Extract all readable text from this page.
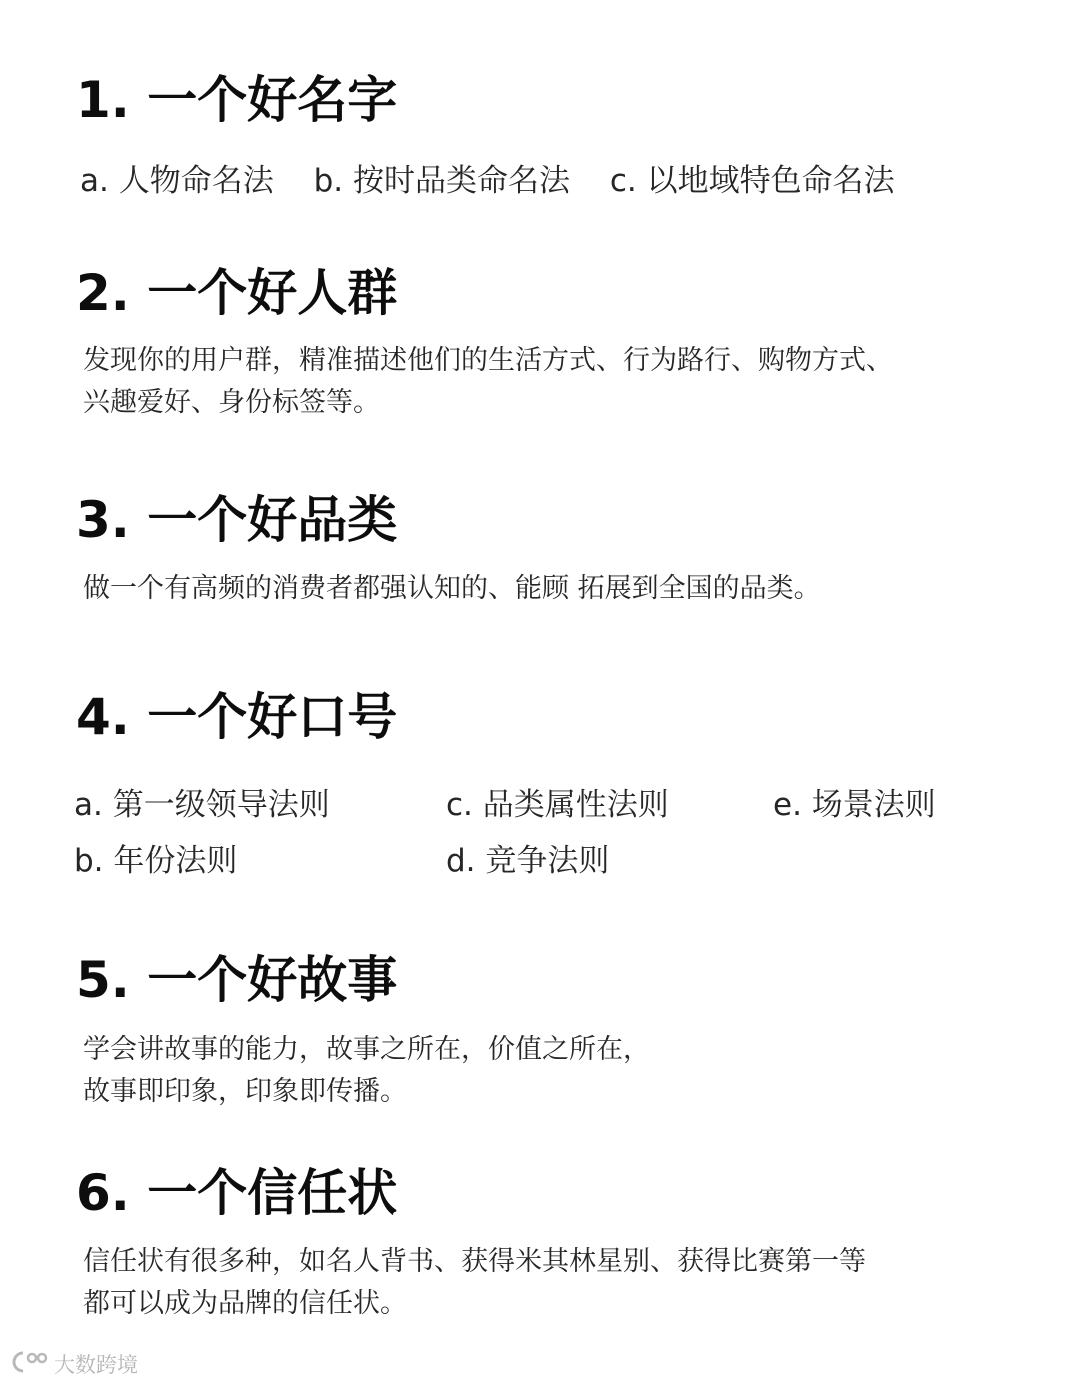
1. 一个好名字
a. 人物命名法 b. 按时品类命名法 c. 以地域特色命名法
2. 一个好人群
发现你的用户群，精准描述他们的生活方式、行为路行、购物方式、
兴趣爱好、身份标签等。
3. 一个好品类
做一个有高频的消费者都强认知的、能顾 拓展到全国的品类。
4. 一个好口号
a. 第一级领导法则	c. 品类属性法则	e. 场景法则
b. 年份法则	d. 竞争法则
5. 一个好故事
学会讲故事的能力，故事之所在，价值之所在，
故事即印象，印象即传播。
6. 一个信任状
信任状有很多种，如名人背书、获得米其林星别、获得比赛第一等
都可以成为品牌的信任状。
大数跨境
